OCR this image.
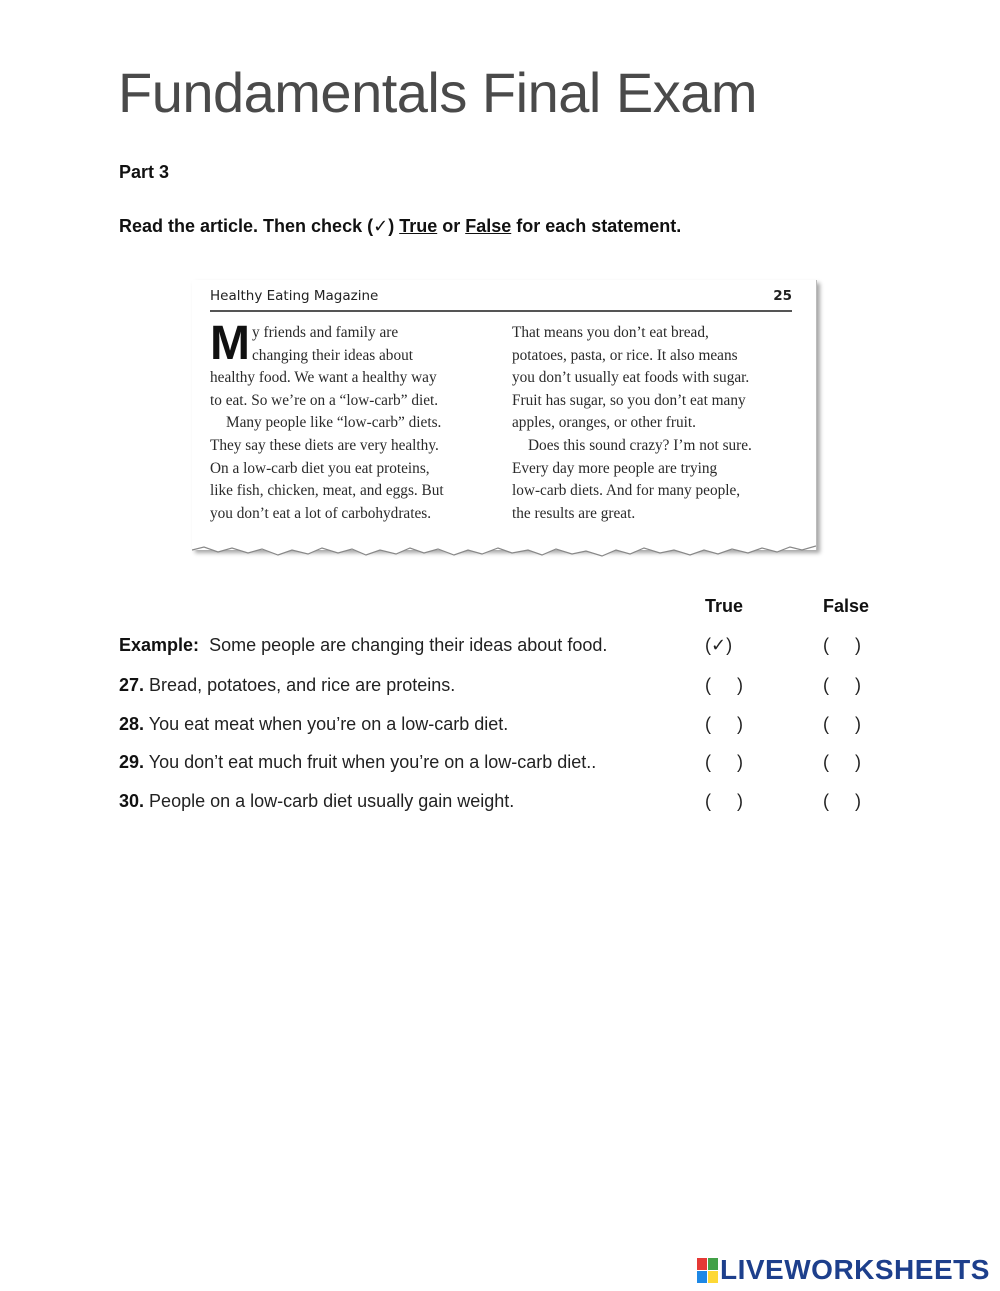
Fundamentals Final Exam
Part 3
Read the article. Then check (✓) True or False for each statement.
Healthy Eating Magazine	25
M y friends and family are
changing their ideas about
healthy food. We want a healthy way
to eat. So we’re on a “low-carb” diet.
Many people like “low-carb” diets.
They say these diets are very healthy.
On a low-carb diet you eat proteins,
like fish, chicken, meat, and eggs. But
you don’t eat a lot of carbohydrates.
That means you don’t eat bread,
potatoes, pasta, or rice. It also means
you don’t usually eat foods with sugar.
Fruit has sugar, so you don’t eat many
apples, oranges, or other fruit.
Does this sound crazy? I’m not sure.
Every day more people are trying
low-carb diets. And for many people,
the results are great.
True	False
Example: Some people are changing their ideas about food.	(✓)	( )
27. Bread, potatoes, and rice are proteins.	( )	( )
28. You eat meat when you’re on a low-carb diet.	( )	( )
29. You don’t eat much fruit when you’re on a low-carb diet..	( )	( )
30. People on a low-carb diet usually gain weight.	( )	( )
LIVEWORKSHEETS
